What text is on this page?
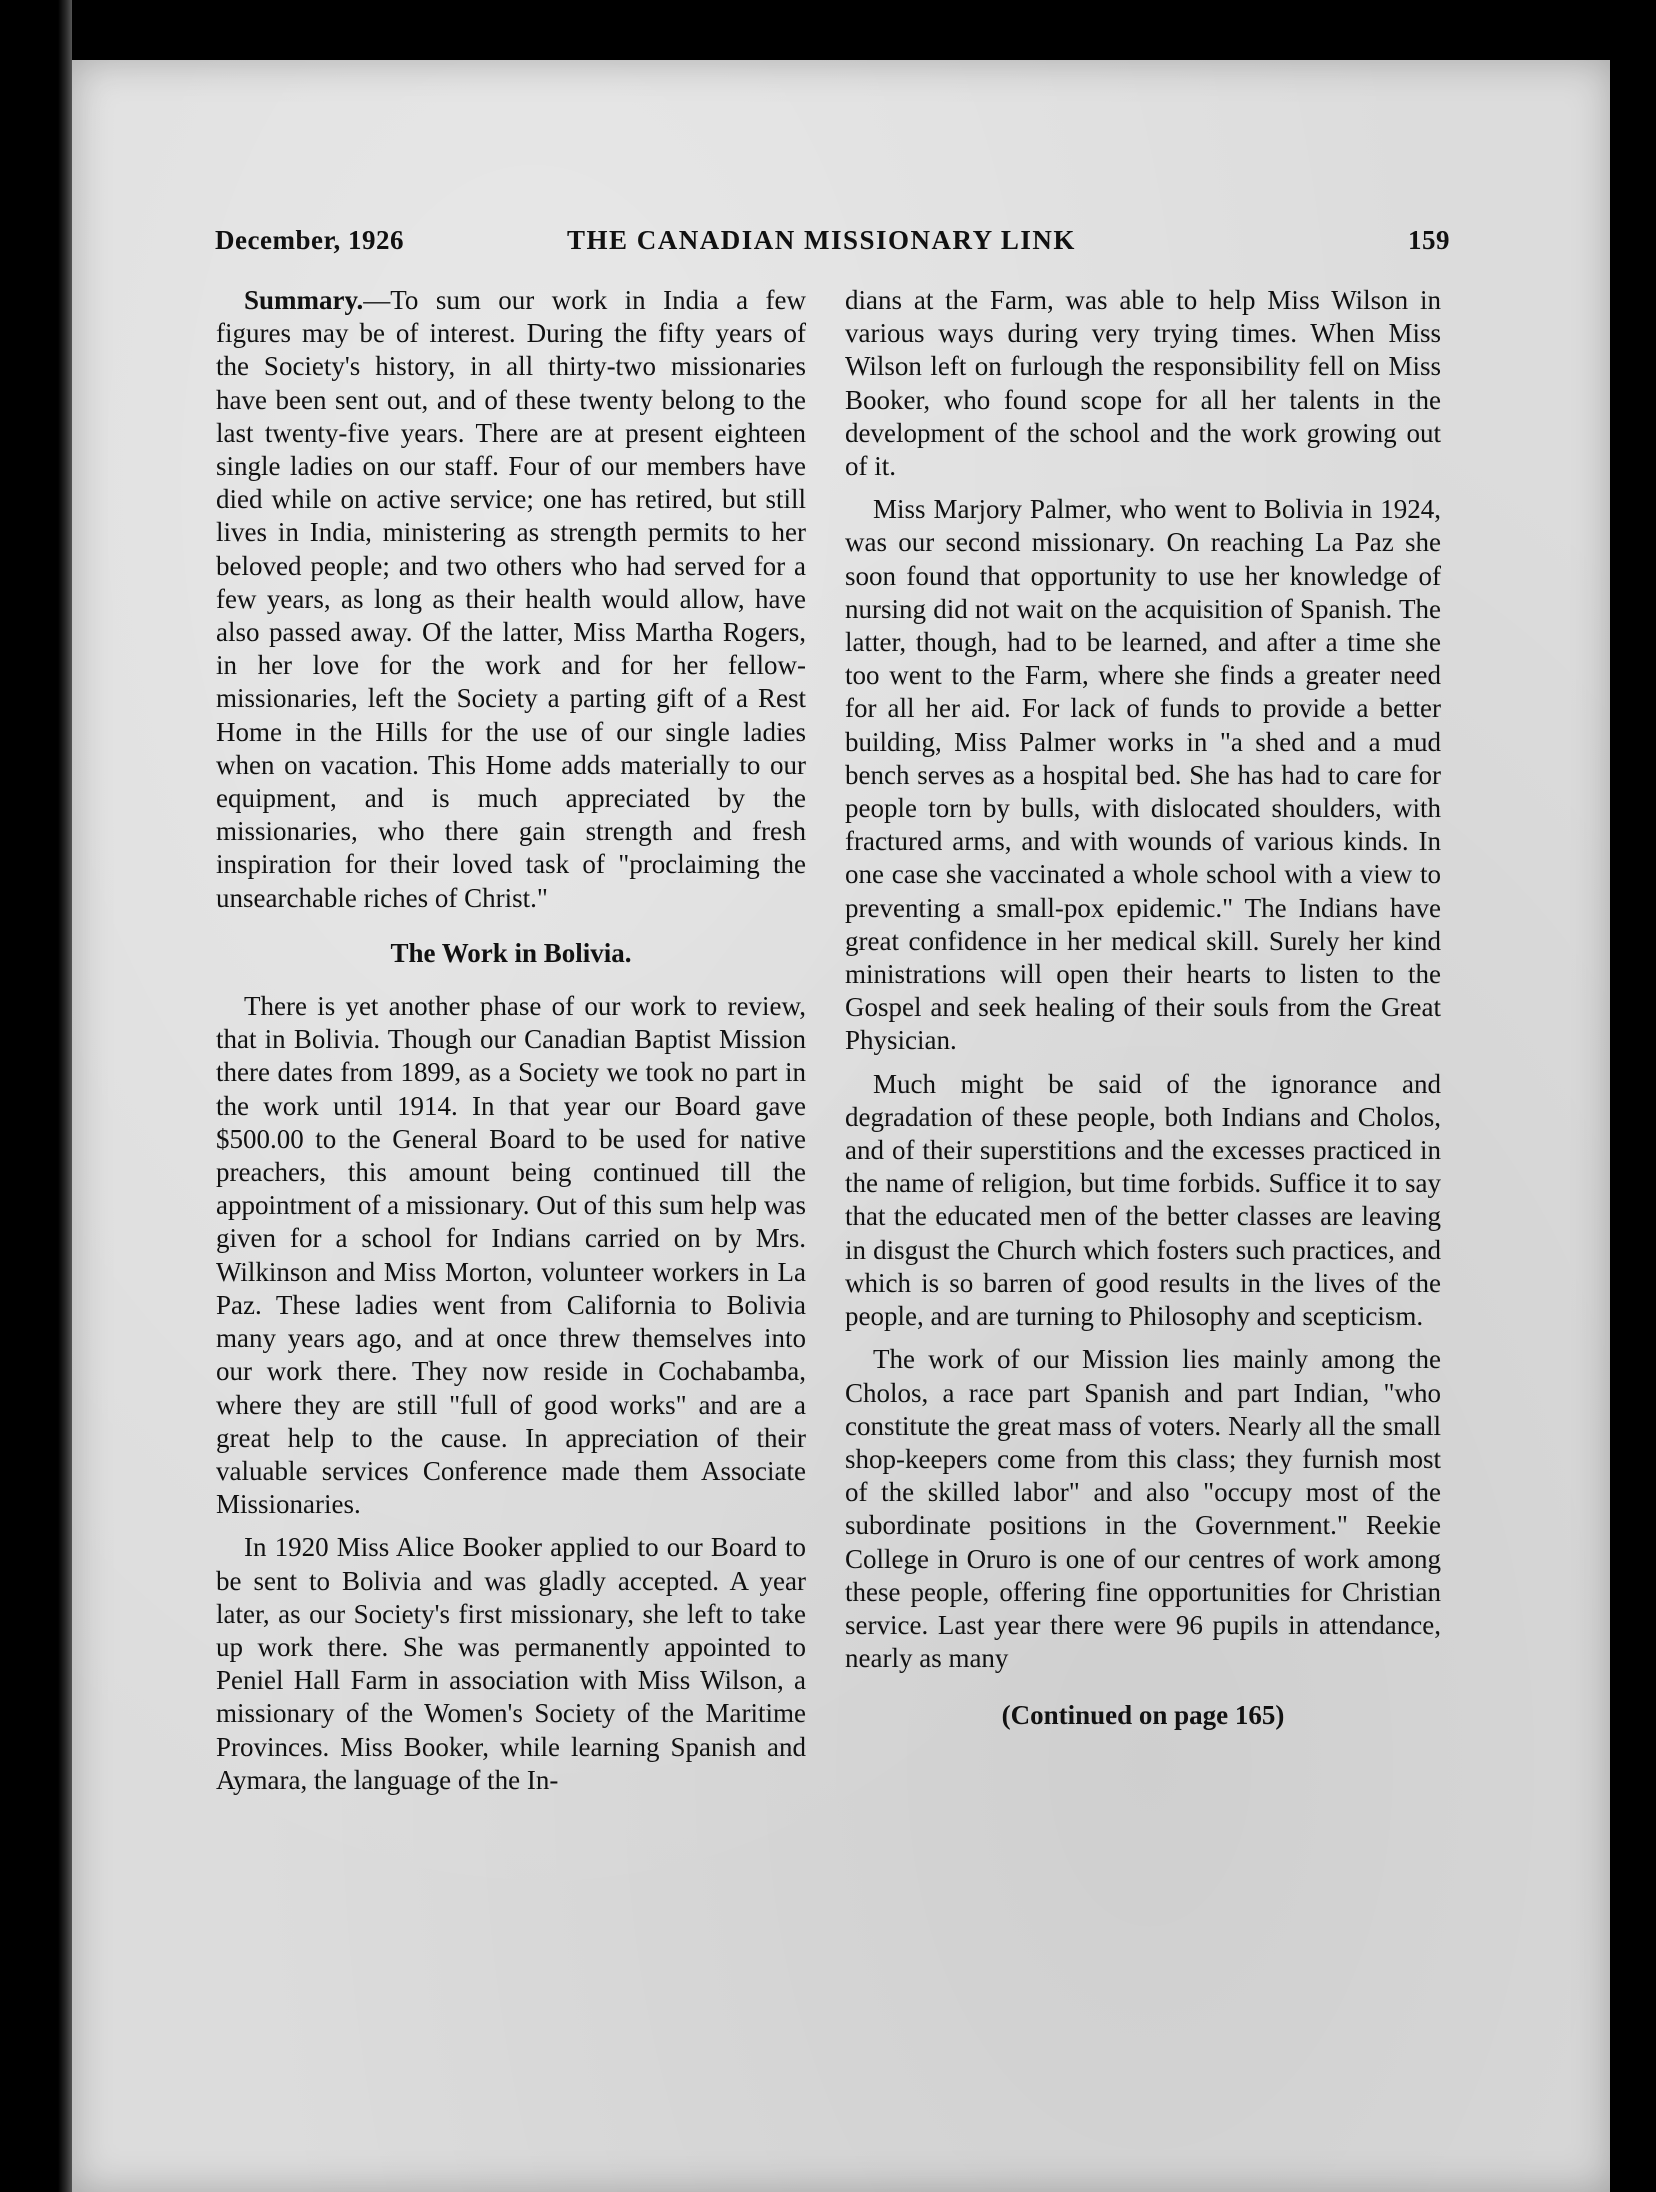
December, 1926	THE CANADIAN MISSIONARY LINK	159

Summary.—To sum our work in India a few figures may be of interest. During the fifty years of the Society's history, in all thirty-two missionaries have been sent out, and of these twenty belong to the last twenty-five years. There are at present eighteen single ladies on our staff. Four of our members have died while on active service; one has retired, but still lives in India, ministering as strength permits to her beloved people; and two others who had served for a few years, as long as their health would allow, have also passed away. Of the latter, Miss Martha Rogers, in her love for the work and for her fellow-missionaries, left the Society a parting gift of a Rest Home in the Hills for the use of our single ladies when on vacation. This Home adds materially to our equipment, and is much appreciated by the missionaries, who there gain strength and fresh inspiration for their loved task of "proclaiming the unsearchable riches of Christ."

The Work in Bolivia.

There is yet another phase of our work to review, that in Bolivia. Though our Canadian Baptist Mission there dates from 1899, as a Society we took no part in the work until 1914. In that year our Board gave $500.00 to the General Board to be used for native preachers, this amount being continued till the appointment of a missionary. Out of this sum help was given for a school for Indians carried on by Mrs. Wilkinson and Miss Morton, volunteer workers in La Paz. These ladies went from California to Bolivia many years ago, and at once threw themselves into our work there. They now reside in Cochabamba, where they are still "full of good works" and are a great help to the cause. In appreciation of their valuable services Conference made them Associate Missionaries.

In 1920 Miss Alice Booker applied to our Board to be sent to Bolivia and was gladly accepted. A year later, as our Society's first missionary, she left to take up work there. She was permanently appointed to Peniel Hall Farm in association with Miss Wilson, a missionary of the Women's Society of the Maritime Provinces. Miss Booker, while learning Spanish and Aymara, the language of the In-

dians at the Farm, was able to help Miss Wilson in various ways during very trying times. When Miss Wilson left on furlough the responsibility fell on Miss Booker, who found scope for all her talents in the development of the school and the work growing out of it.

Miss Marjory Palmer, who went to Bolivia in 1924, was our second missionary. On reaching La Paz she soon found that opportunity to use her knowledge of nursing did not wait on the acquisition of Spanish. The latter, though, had to be learned, and after a time she too went to the Farm, where she finds a greater need for all her aid. For lack of funds to provide a better building, Miss Palmer works in "a shed and a mud bench serves as a hospital bed. She has had to care for people torn by bulls, with dislocated shoulders, with fractured arms, and with wounds of various kinds. In one case she vaccinated a whole school with a view to preventing a small-pox epidemic." The Indians have great confidence in her medical skill. Surely her kind ministrations will open their hearts to listen to the Gospel and seek healing of their souls from the Great Physician.

Much might be said of the ignorance and degradation of these people, both Indians and Cholos, and of their superstitions and the excesses practiced in the name of religion, but time forbids. Suffice it to say that the educated men of the better classes are leaving in disgust the Church which fosters such practices, and which is so barren of good results in the lives of the people, and are turning to Philosophy and scepticism.

The work of our Mission lies mainly among the Cholos, a race part Spanish and part Indian, "who constitute the great mass of voters. Nearly all the small shop-keepers come from this class; they furnish most of the skilled labor" and also "occupy most of the subordinate positions in the Government." Reekie College in Oruro is one of our centres of work among these people, offering fine opportunities for Christian service. Last year there were 96 pupils in attendance, nearly as many

(Continued on page 165)
